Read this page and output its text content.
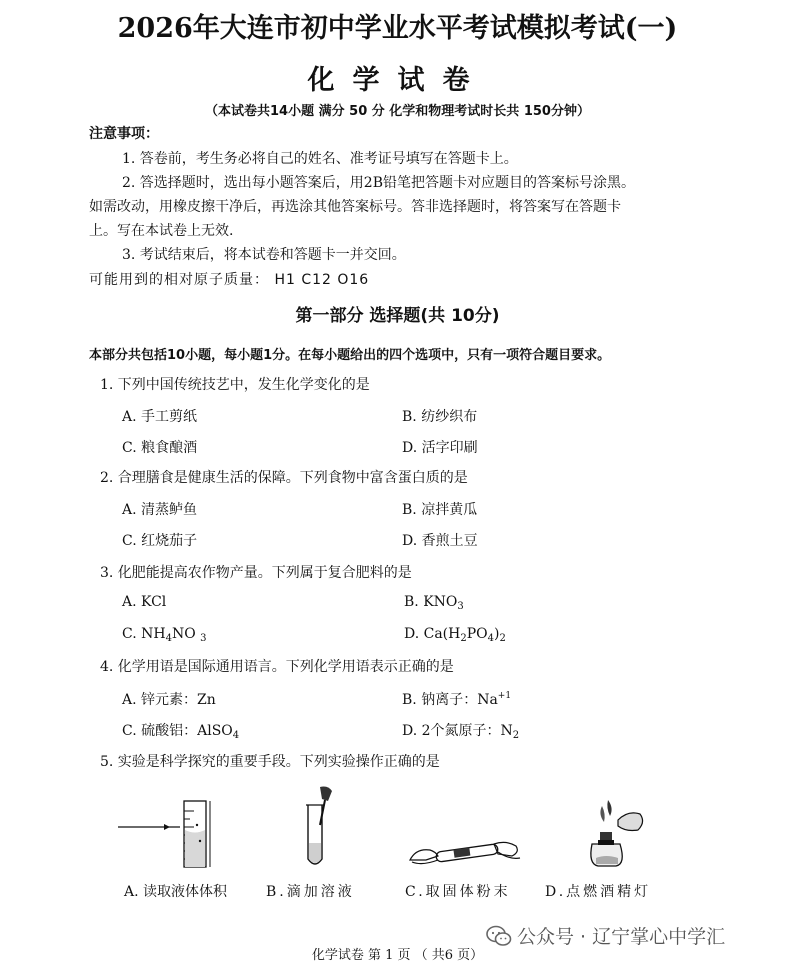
2026年大连市初中学业水平考试模拟考试(一)
化学试卷
（本试卷共14小题 满分 50 分 化学和物理考试时长共 150分钟）
注意事项：
1. 答卷前，考生务必将自己的姓名、准考证号填写在答题卡上。
2. 答选择题时，选出每小题答案后，用2B铅笔把答题卡对应题目的答案标号涂黑。
如需改动，用橡皮擦干净后，再选涂其他答案标号。答非选择题时，将答案写在答题卡
上。写在本试卷上无效.
3. 考试结束后，将本试卷和答题卡一并交回。
可能用到的相对原子质量： H1 C12 O16
第一部分 选择题(共 10分)
本部分共包括10小题，每小题1分。在每小题给出的四个选项中，只有一项符合题目要求。
1. 下列中国传统技艺中，发生化学变化的是
A. 手工剪纸	B. 纺纱织布
C. 粮食酿酒	D. 活字印刷
2. 合理膳食是健康生活的保障。下列食物中富含蛋白质的是
A. 清蒸鲈鱼	B. 凉拌黄瓜
C. 红烧茄子	D. 香煎土豆
3. 化肥能提高农作物产量。下列属于复合肥料的是
A. KCl	B. $KNO_3$
C. $NH_4NO$ $_3$	D. $Ca(H_2PO_4)_2$
4. 化学用语是国际通用语言。下列化学用语表示正确的是
A. 锌元素：Zn	B. 钠离子：$Na^{+1}$
C. 硫酸铝：AlSO$_4$	D. 2个氮原子：$N_2$
5. 实验是科学探究的重要手段。下列实验操作正确的是
A. 读取液体体积	B.滴加溶液	C.取固体粉末 D.点燃酒精灯
公众号 · 辽宁掌心中学汇
化学试卷 第 1 页 （ 共6 页）
